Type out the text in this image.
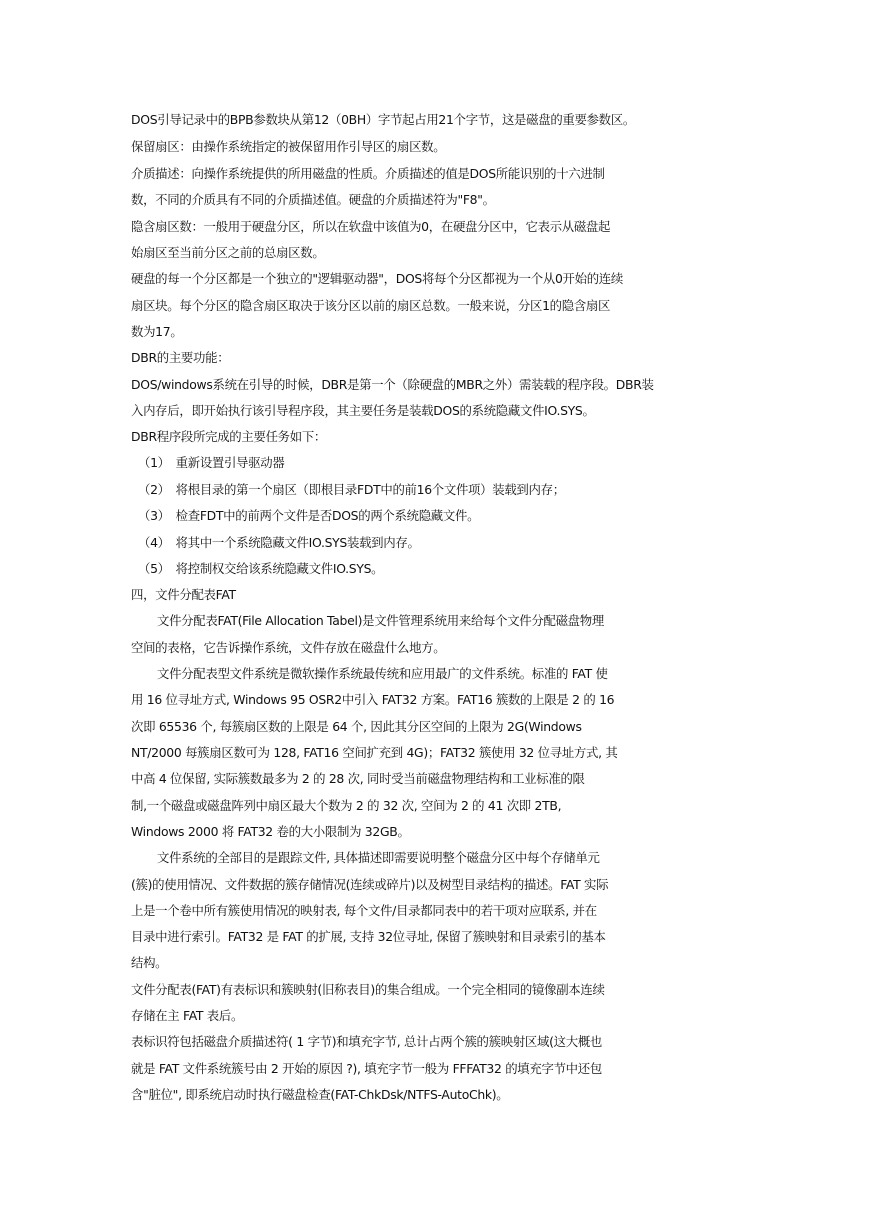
DOS引导记录中的BPB参数块从第12（0BH）字节起占用21个字节，这是磁盘的重要参数区。
保留扇区：由操作系统指定的被保留用作引导区的扇区数。
介质描述：向操作系统提供的所用磁盘的性质。介质描述的值是DOS所能识别的十六进制
数，不同的介质具有不同的介质描述值。硬盘的介质描述符为"F8"。
隐含扇区数：一般用于硬盘分区，所以在软盘中该值为0，在硬盘分区中，它表示从磁盘起
始扇区至当前分区之前的总扇区数。
硬盘的每一个分区都是一个独立的"逻辑驱动器"，DOS将每个分区都视为一个从0开始的连续
扇区块。每个分区的隐含扇区取决于该分区以前的扇区总数。一般来说，分区1的隐含扇区
数为17。
DBR的主要功能：
DOS/windows系统在引导的时候，DBR是第一个（除硬盘的MBR之外）需装载的程序段。DBR装
入内存后，即开始执行该引导程序段，其主要任务是装载DOS的系统隐藏文件IO.SYS。
DBR程序段所完成的主要任务如下：
（1）　重新设置引导驱动器
（2）　将根目录的第一个扇区（即根目录FDT中的前16个文件项）装载到内存；
（3）　检查FDT中的前两个文件是否DOS的两个系统隐藏文件。
（4）　将其中一个系统隐藏文件IO.SYS装载到内存。
（5）　将控制权交给该系统隐藏文件IO.SYS。
四，文件分配表FAT
文件分配表FAT(File Allocation Tabel)是文件管理系统用来给每个文件分配磁盘物理
空间的表格，它告诉操作系统，文件存放在磁盘什么地方。
文件分配表型文件系统是微软操作系统最传统和应用最广的文件系统。标准的 FAT 使
用 16 位寻址方式, Windows 95 OSR2中引入 FAT32 方案。FAT16 簇数的上限是 2 的 16
次即 65536 个, 每簇扇区数的上限是 64 个, 因此其分区空间的上限为 2G(Windows
NT/2000 每簇扇区数可为 128, FAT16 空间扩充到 4G)；FAT32 簇使用 32 位寻址方式, 其
中高 4 位保留, 实际簇数最多为 2 的 28 次, 同时受当前磁盘物理结构和工业标准的限
制,一个磁盘或磁盘阵列中扇区最大个数为 2 的 32 次, 空间为 2 的 41 次即 2TB,
Windows 2000 将 FAT32 卷的大小限制为 32GB。
文件系统的全部目的是跟踪文件, 具体描述即需要说明整个磁盘分区中每个存储单元
(簇)的使用情况、文件数据的簇存储情况(连续或碎片)以及树型目录结构的描述。FAT 实际
上是一个卷中所有簇使用情况的映射表, 每个文件/目录都同表中的若干项对应联系, 并在
目录中进行索引。FAT32 是 FAT 的扩展, 支持 32位寻址, 保留了簇映射和目录索引的基本
结构。
文件分配表(FAT)有表标识和簇映射(旧称表目)的集合组成。一个完全相同的镜像副本连续
存储在主 FAT 表后。
表标识符包括磁盘介质描述符( 1 字节)和填充字节, 总计占两个簇的簇映射区域(这大概也
就是 FAT 文件系统簇号由 2 开始的原因 ?), 填充字节一般为 FFFAT32 的填充字节中还包
含"脏位", 即系统启动时执行磁盘检查(FAT-ChkDsk/NTFS-AutoChk)。
